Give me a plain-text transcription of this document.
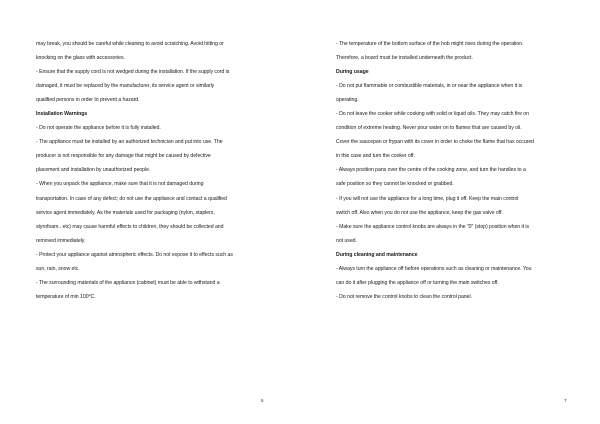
may break, you should be careful while cleaning to avoid scratching. Avoid hitting or
knocking on the glass with accessories.
- Ensure that the supply cord is not wedged during the installation. If the supply cord is
damaged, it must be replaced by the manufacturer, its service agent or similarly
qualified persons in order to prevent a hazard.
Installation Warnings
- Do not operate the appliance before it is fully installed.
- The appliance must be installed by an authorized technician and put into use. The
producer is not responsible for any damage that might be caused by defective
placement and installation by unauthorized people.
- When you unpack the appliance, make sure that it is not damaged during
transportation. In case of any defect; do not use the appliance and contact a qualified
service agent immediately. As the materials used for packaging (nylon, staplers,
styrofoam.. etc) may cause harmful effects to children, they should be collected and
removed immediately.
- Protect your appliance against atmospheric effects. Do not expose it to effects such as
sun, rain, snow etc.
- The surrounding materials of the appliance (cabinet) must be able to withstand a
temperature of min 100°C.
6
- The temperature of the bottom surface of the hob might rises during the operation.
Therefore, a board must be installed underneath the product.
During usage
- Do not put flammable or combustible materials, in or near the appliance when it is
operating.
- Do not leave the cooker while cooking with solid or liquid oils. They may catch fire on
condition of extreme heating. Never pour water on to flames that are caused by oil.
Cover the saucepan or frypan with its cover in order to choke the flame that has occured
in this case and turn the cooker off.
- Always position pans over the centre of the cooking zone, and turn the handles to a
safe position so they cannot be knocked or grabbed.
- If you will not use the appliance for a long time, plug it off. Keep the main control
switch off. Also when you do not use the appliance, keep the gas valve off.
- Make sure the appliance control knobs are always in the "0" (stop) position when it is
not used.
During cleaning and maintenance
- Always turn the appliance off before operations such as cleaning or maintenance. You
can do it after plugging the appliance off or turning the main switches off.
- Do not remove the control knobs to clean the control panel.
7
